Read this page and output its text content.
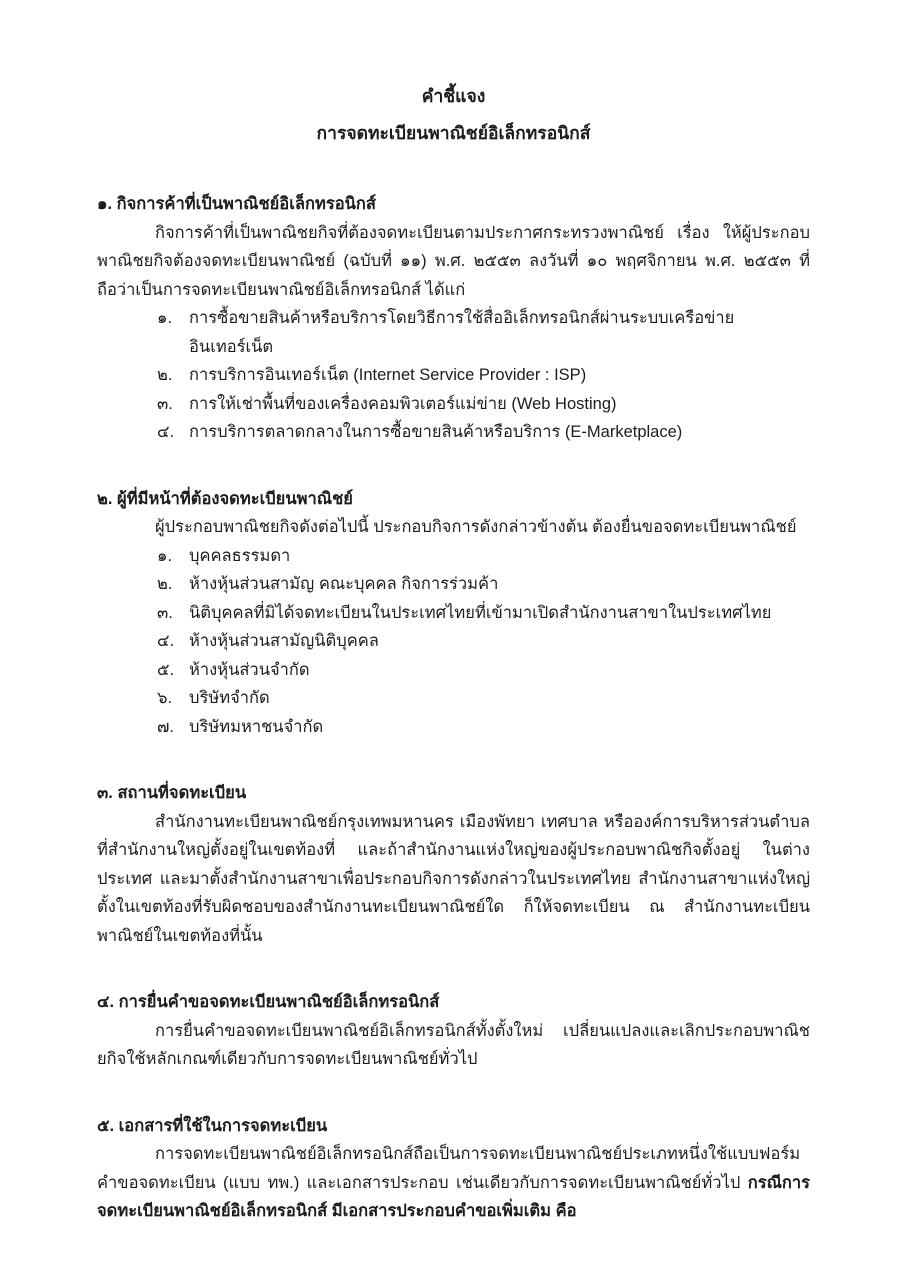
คำชี้แจง
การจดทะเบียนพาณิชย์อิเล็กทรอนิกส์

๑. กิจการค้าที่เป็นพาณิชย์อิเล็กทรอนิกส์

กิจการค้าที่เป็นพาณิชยกิจที่ต้องจดทะเบียนตามประกาศกระทรวงพาณิชย์ เรื่อง ให้ผู้ประกอบพาณิชยกิจต้องจดทะเบียนพาณิชย์ (ฉบับที่ ๑๑) พ.ศ. ๒๕๕๓ ลงวันที่ ๑๐ พฤศจิกายน พ.ศ. ๒๕๕๓ ที่ถือว่าเป็นการจดทะเบียนพาณิชย์อิเล็กทรอนิกส์ ได้แก่

๑.	การซื้อขายสินค้าหรือบริการโดยวิธีการใช้สื่ออิเล็กทรอนิกส์ผ่านระบบเครือข่ายอินเทอร์เน็ต
๒.	การบริการอินเทอร์เน็ต (Internet Service Provider : ISP)
๓. การให้เช่าพื้นที่ของเครื่องคอมพิวเตอร์แม่ข่าย (Web Hosting)
๔. การบริการตลาดกลางในการซื้อขายสินค้าหรือบริการ (E-Marketplace)

๒. ผู้ที่มีหน้าที่ต้องจดทะเบียนพาณิชย์

ผู้ประกอบพาณิชยกิจดังต่อไปนี้ ประกอบกิจการดังกล่าวข้างต้น ต้องยื่นขอจดทะเบียนพาณิชย์

๑.	บุคคลธรรมดา
๒.	ห้างหุ้นส่วนสามัญ คณะบุคคล กิจการร่วมค้า
๓. นิติบุคคลที่มิได้จดทะเบียนในประเทศไทยที่เข้ามาเปิดสำนักงานสาขาในประเทศไทย
๔. ห้างหุ้นส่วนสามัญนิติบุคคล
๕. ห้างหุ้นส่วนจำกัด
๖.	บริษัทจำกัด
๗. บริษัทมหาชนจำกัด

๓. สถานที่จดทะเบียน

สำนักงานทะเบียนพาณิชย์กรุงเทพมหานคร เมืองพัทยา เทศบาล หรือองค์การบริหารส่วนตำบลที่สำนักงานใหญ่ตั้งอยู่ในเขตท้องที่ และถ้าสำนักงานแห่งใหญ่ของผู้ประกอบพาณิชกิจตั้งอยู่ ในต่างประเทศ และมาตั้งสำนักงานสาขาเพื่อประกอบกิจการดังกล่าวในประเทศไทย สำนักงานสาขาแห่งใหญ่ ตั้งในเขตท้องที่รับผิดชอบของสำนักงานทะเบียนพาณิชย์ใด ก็ให้จดทะเบียน ณ สำนักงานทะเบียนพาณิชย์ในเขตท้องที่นั้น

๔. การยื่นคำขอจดทะเบียนพาณิชย์อิเล็กทรอนิกส์

การยื่นคำขอจดทะเบียนพาณิชย์อิเล็กทรอนิกส์ทั้งตั้งใหม่ เปลี่ยนแปลงและเลิกประกอบพาณิชยกิจใช้หลักเกณฑ์เดียวกับการจดทะเบียนพาณิชย์ทั่วไป

๕. เอกสารที่ใช้ในการจดทะเบียน

การจดทะเบียนพาณิชย์อิเล็กทรอนิกส์ถือเป็นการจดทะเบียนพาณิชย์ประเภทหนึ่งใช้แบบฟอร์มคำขอจดทะเบียน (แบบ ทพ.) และเอกสารประกอบ เช่นเดียวกับการจดทะเบียนพาณิชย์ทั่วไป กรณีการจดทะเบียนพาณิชย์อิเล็กทรอนิกส์ มีเอกสารประกอบคำขอเพิ่มเติม คือ
